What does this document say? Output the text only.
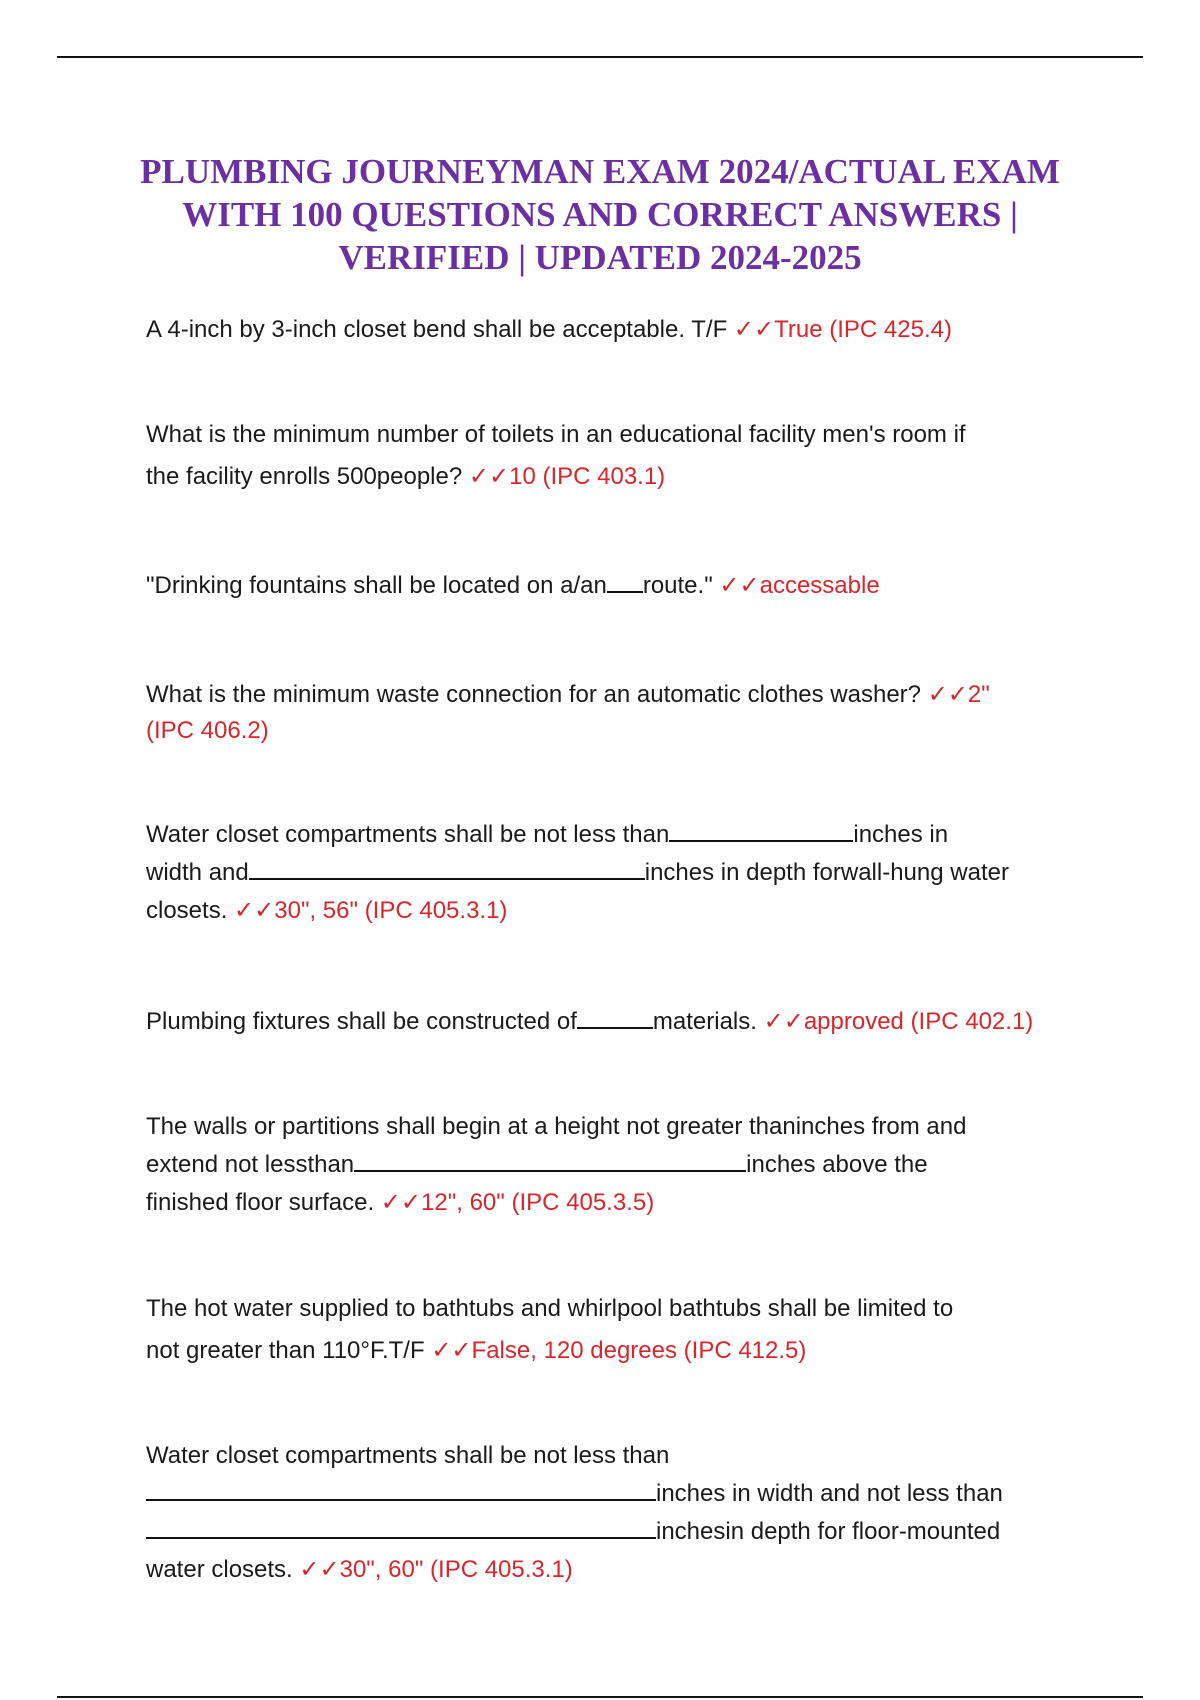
PLUMBING JOURNEYMAN EXAM 2024/ACTUAL EXAM
WITH 100 QUESTIONS AND CORRECT ANSWERS |
VERIFIED | UPDATED 2024-2025
A 4-inch by 3-inch closet bend shall be acceptable. T/F ✓✓True (IPC 425.4)
What is the minimum number of toilets in an educational facility men's room if
the facility enrolls 500people? ✓✓10 (IPC 403.1)
"Drinking fountains shall be located on a/an route." ✓✓accessable
What is the minimum waste connection for an automatic clothes washer? ✓✓2"
(IPC 406.2)
Water closet compartments shall be not less than	inches in
width and	inches in depth forwall-hung water
closets. ✓✓30", 56" (IPC 405.3.1)
Plumbing fixtures shall be constructed of	materials. ✓✓approved (IPC 402.1)
The walls or partitions shall begin at a height not greater thaninches from and
extend not lessthan	inches above the
finished floor surface. ✓✓12", 60" (IPC 405.3.5)
The hot water supplied to bathtubs and whirlpool bathtubs shall be limited to
not greater than 110°F.T/F ✓✓False, 120 degrees (IPC 412.5)
Water closet compartments shall be not less than
inches in width and not less than
inchesin depth for floor-mounted
water closets. ✓✓30", 60" (IPC 405.3.1)
